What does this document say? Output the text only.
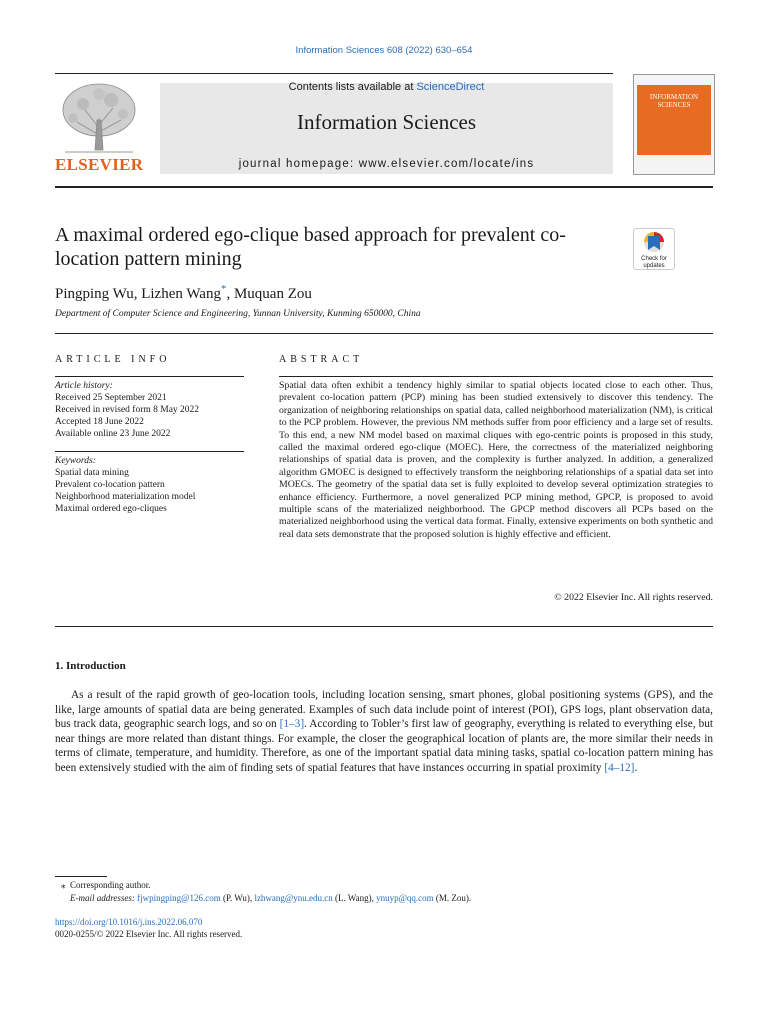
Information Sciences 608 (2022) 630–654
ELSEVIER
Contents lists available at ScienceDirect
Information Sciences
journal homepage: www.elsevier.com/locate/ins
INFORMATION SCIENCES
A maximal ordered ego-clique based approach for prevalent co-location pattern mining	Check for updates
Pingping Wu, Lizhen Wang*, Muquan Zou
Department of Computer Science and Engineering, Yunnan University, Kunming 650000, China
ARTICLE INFO
Article history:
Received 25 September 2021
Received in revised form 8 May 2022
Accepted 18 June 2022
Available online 23 June 2022
Keywords:
Spatial data mining
Prevalent co-location pattern
Neighborhood materialization model
Maximal ordered ego-cliques
ABSTRACT
Spatial data often exhibit a tendency highly similar to spatial objects located close to each other. Thus, prevalent co-location pattern (PCP) mining has been studied extensively to discover this tendency. The organization of neighboring relationships on spatial data, called neighborhood materialization (NM), is critical to the PCP problem. However, the previous NM methods suffer from poor efficiency and a large set of results. To this end, a new NM model based on maximal cliques with ego-centric points is proposed in this study, called the maximal ordered ego-clique (MOEC). Here, the correctness of the materialized neighboring relationships of spatial data is proven, and the complexity is further analyzed. In addition, a generalized algorithm GMOEC is designed to effectively transform the neighboring relationships of a spatial data set into MOECs. The geometry of the spatial data set is fully exploited to develop several optimization strategies to enhance efficiency. Furthermore, a novel generalized PCP mining method, GPCP, is proposed to avoid multiple scans of the materialized neighborhood. The GPCP method discovers all PCPs based on the materialized neighborhood using the vertical data format. Finally, extensive experiments on both synthetic and real data sets demonstrate that the proposed solution is highly effective and efficient.
© 2022 Elsevier Inc. All rights reserved.
1. Introduction
As a result of the rapid growth of geo-location tools, including location sensing, smart phones, global positioning systems (GPS), and the like, large amounts of spatial data are being generated. Examples of such data include point of interest (POI), GPS logs, plant observation data, bus track data, geographic search logs, and so on [1–3]. According to Tobler’s first law of geography, everything is related to everything else, but near things are more related than distant things. For example, the closer the geographical location of plants are, the more similar their needs in terms of climate, temperature, and humidity. Therefore, as one of the important spatial data mining tasks, spatial co-location pattern mining has been extensively studied with the aim of finding sets of spatial features that have instances occurring in spatial proximity [4–12].
⁎ Corresponding author.
E-mail addresses: fjwpingping@126.com (P. Wu), lzhwang@ynu.edu.cn (L. Wang), ynuyp@qq.com (M. Zou).
https://doi.org/10.1016/j.ins.2022.06.070
0020-0255/© 2022 Elsevier Inc. All rights reserved.
